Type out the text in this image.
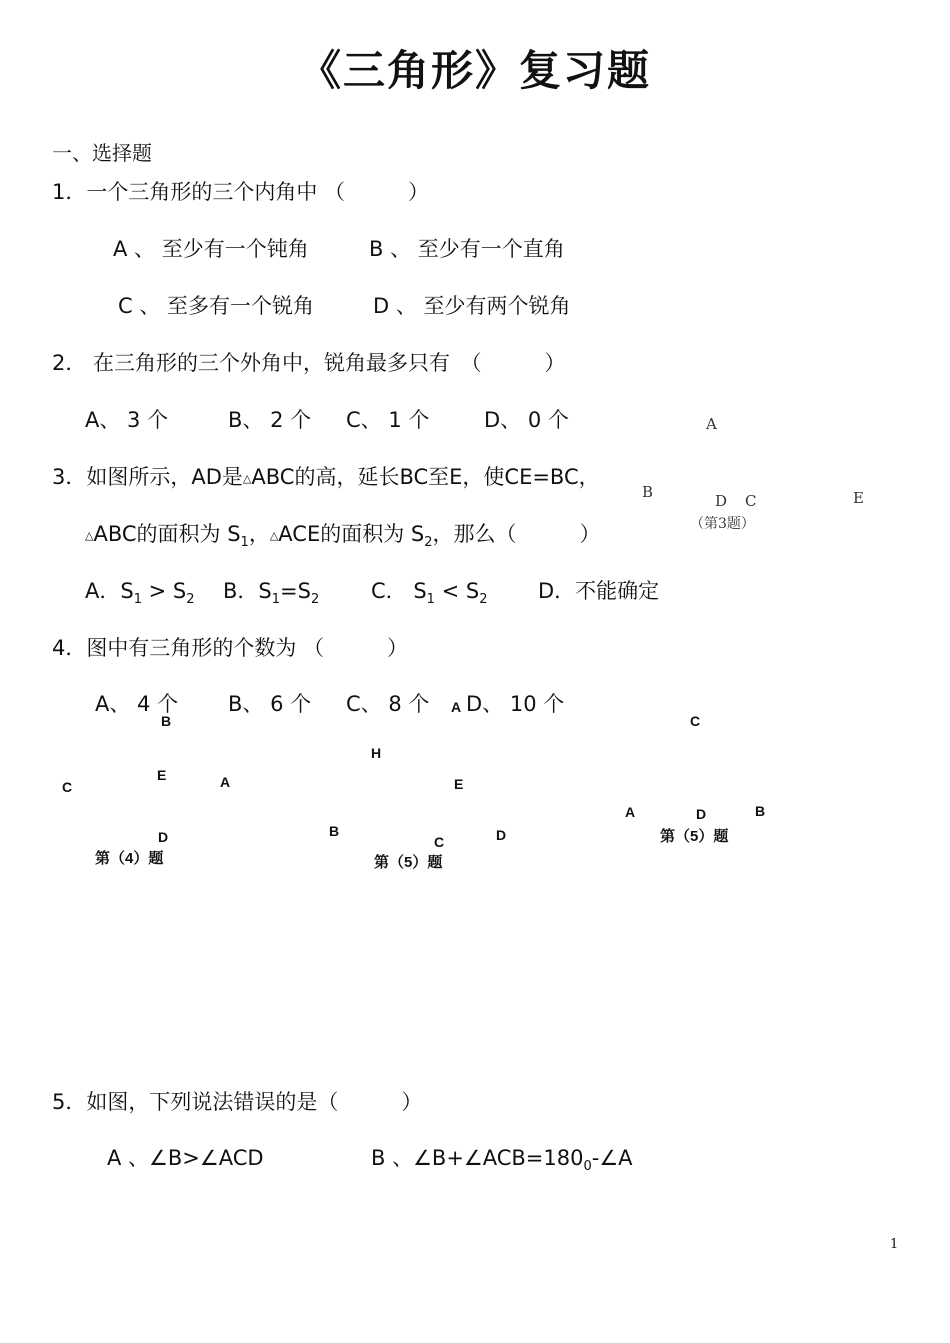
《三角形》复习题
一、选择题
1．一个三角形的三个内角中 （　　　）
A 、 至少有一个钝角	B 、 至少有一个直角
C 、 至多有一个锐角	D 、 至少有两个锐角
2． 在三角形的三个外角中，锐角最多只有　（　　　）
A、 3 个	B、 2 个 C、 1 个	D、 0 个
3．如图所示，AD是△ABC的高，延长BC至E，使CE=BC，
△ABC的面积为 $S_1$，△ACE的面积为 $S_2$，那么（　　　）
A．$S_1 > S_2$ B．$S_1=S_2$ C． $S_1 < S_2$ D．不能确定
A
B	D C	E
（第3题）
4．图中有三角形的个数为 （　　　）
A、 4 个 B、 6 个 C、 8 个 D、 10 个
B
C
E	A
D
第（4）题
A
H
E
B
C	D
第（5）题
C
A	D	B
第（5）题
5．如图，下列说法错误的是（　　　）
A 、∠B>∠ACD	B 、$\angle B+\angle ACB=180_0-\angle A$
1
